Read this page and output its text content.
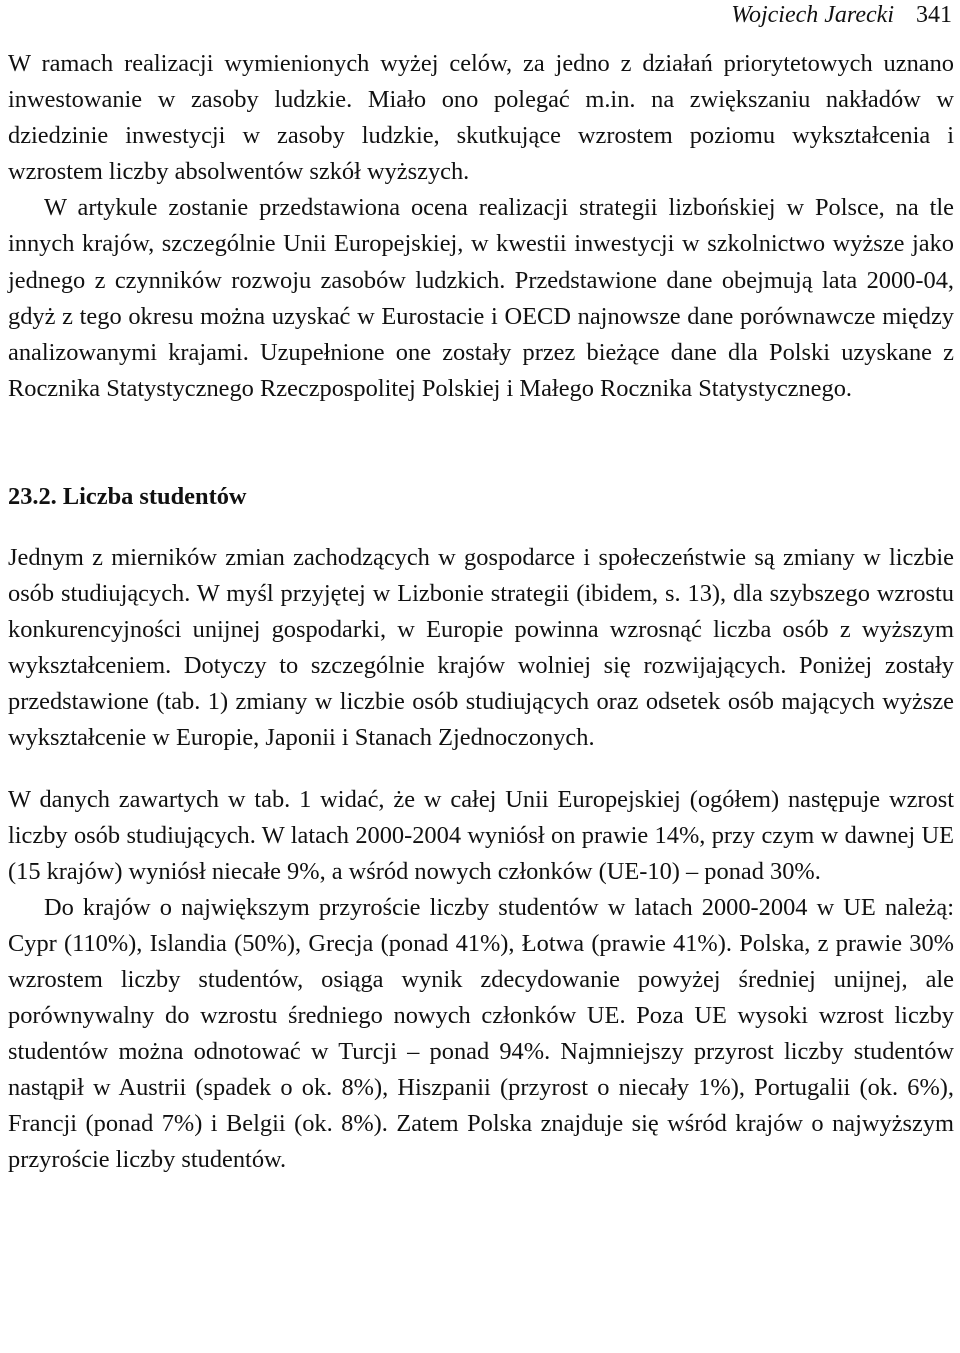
Wojciech Jarecki 341

W ramach realizacji wymienionych wyżej celów, za jedno z działań priorytetowych uznano inwestowanie w zasoby ludzkie. Miało ono polegać m.in. na zwiększaniu nakładów w dziedzinie inwestycji w zasoby ludzkie, skutkujące wzrostem poziomu wykształcenia i wzrostem liczby absolwentów szkół wyższych.

W artykule zostanie przedstawiona ocena realizacji strategii lizbońskiej w Polsce, na tle innych krajów, szczególnie Unii Europejskiej, w kwestii inwestycji w szkolnictwo wyższe jako jednego z czynników rozwoju zasobów ludzkich. Przedstawione dane obejmują lata 2000-04, gdyż z tego okresu można uzyskać w Eurostacie i OECD najnowsze dane porównawcze między analizowanymi krajami. Uzupełnione one zostały przez bieżące dane dla Polski uzyskane z Rocznika Statystycznego Rzeczpospolitej Polskiej i Małego Rocznika Statystycznego.

23.2. Liczba studentów

Jednym z mierników zmian zachodzących w gospodarce i społeczeństwie są zmiany w liczbie osób studiujących. W myśl przyjętej w Lizbonie strategii (ibidem, s. 13), dla szybszego wzrostu konkurencyjności unijnej gospodarki, w Europie powinna wzrosnąć liczba osób z wyższym wykształceniem. Dotyczy to szczególnie krajów wolniej się rozwijających. Poniżej zostały przedstawione (tab. 1) zmiany w liczbie osób studiujących oraz odsetek osób mających wyższe wykształcenie w Europie, Japonii i Stanach Zjednoczonych.

W danych zawartych w tab. 1 widać, że w całej Unii Europejskiej (ogółem) następuje wzrost liczby osób studiujących. W latach 2000-2004 wyniósł on prawie 14%, przy czym w dawnej UE (15 krajów) wyniósł niecałe 9%, a wśród nowych członków (UE-10) – ponad 30%.

Do krajów o największym przyroście liczby studentów w latach 2000-2004 w UE należą: Cypr (110%), Islandia (50%), Grecja (ponad 41%), Łotwa (prawie 41%). Polska, z prawie 30% wzrostem liczby studentów, osiąga wynik zdecydowanie powyżej średniej unijnej, ale porównywalny do wzrostu średniego nowych członków UE. Poza UE wysoki wzrost liczby studentów można odnotować w Turcji – ponad 94%. Najmniejszy przyrost liczby studentów nastąpił w Austrii (spadek o ok. 8%), Hiszpanii (przyrost o niecały 1%), Portugalii (ok. 6%), Francji (ponad 7%) i Belgii (ok. 8%). Zatem Polska znajduje się wśród krajów o najwyższym przyroście liczby studentów.
